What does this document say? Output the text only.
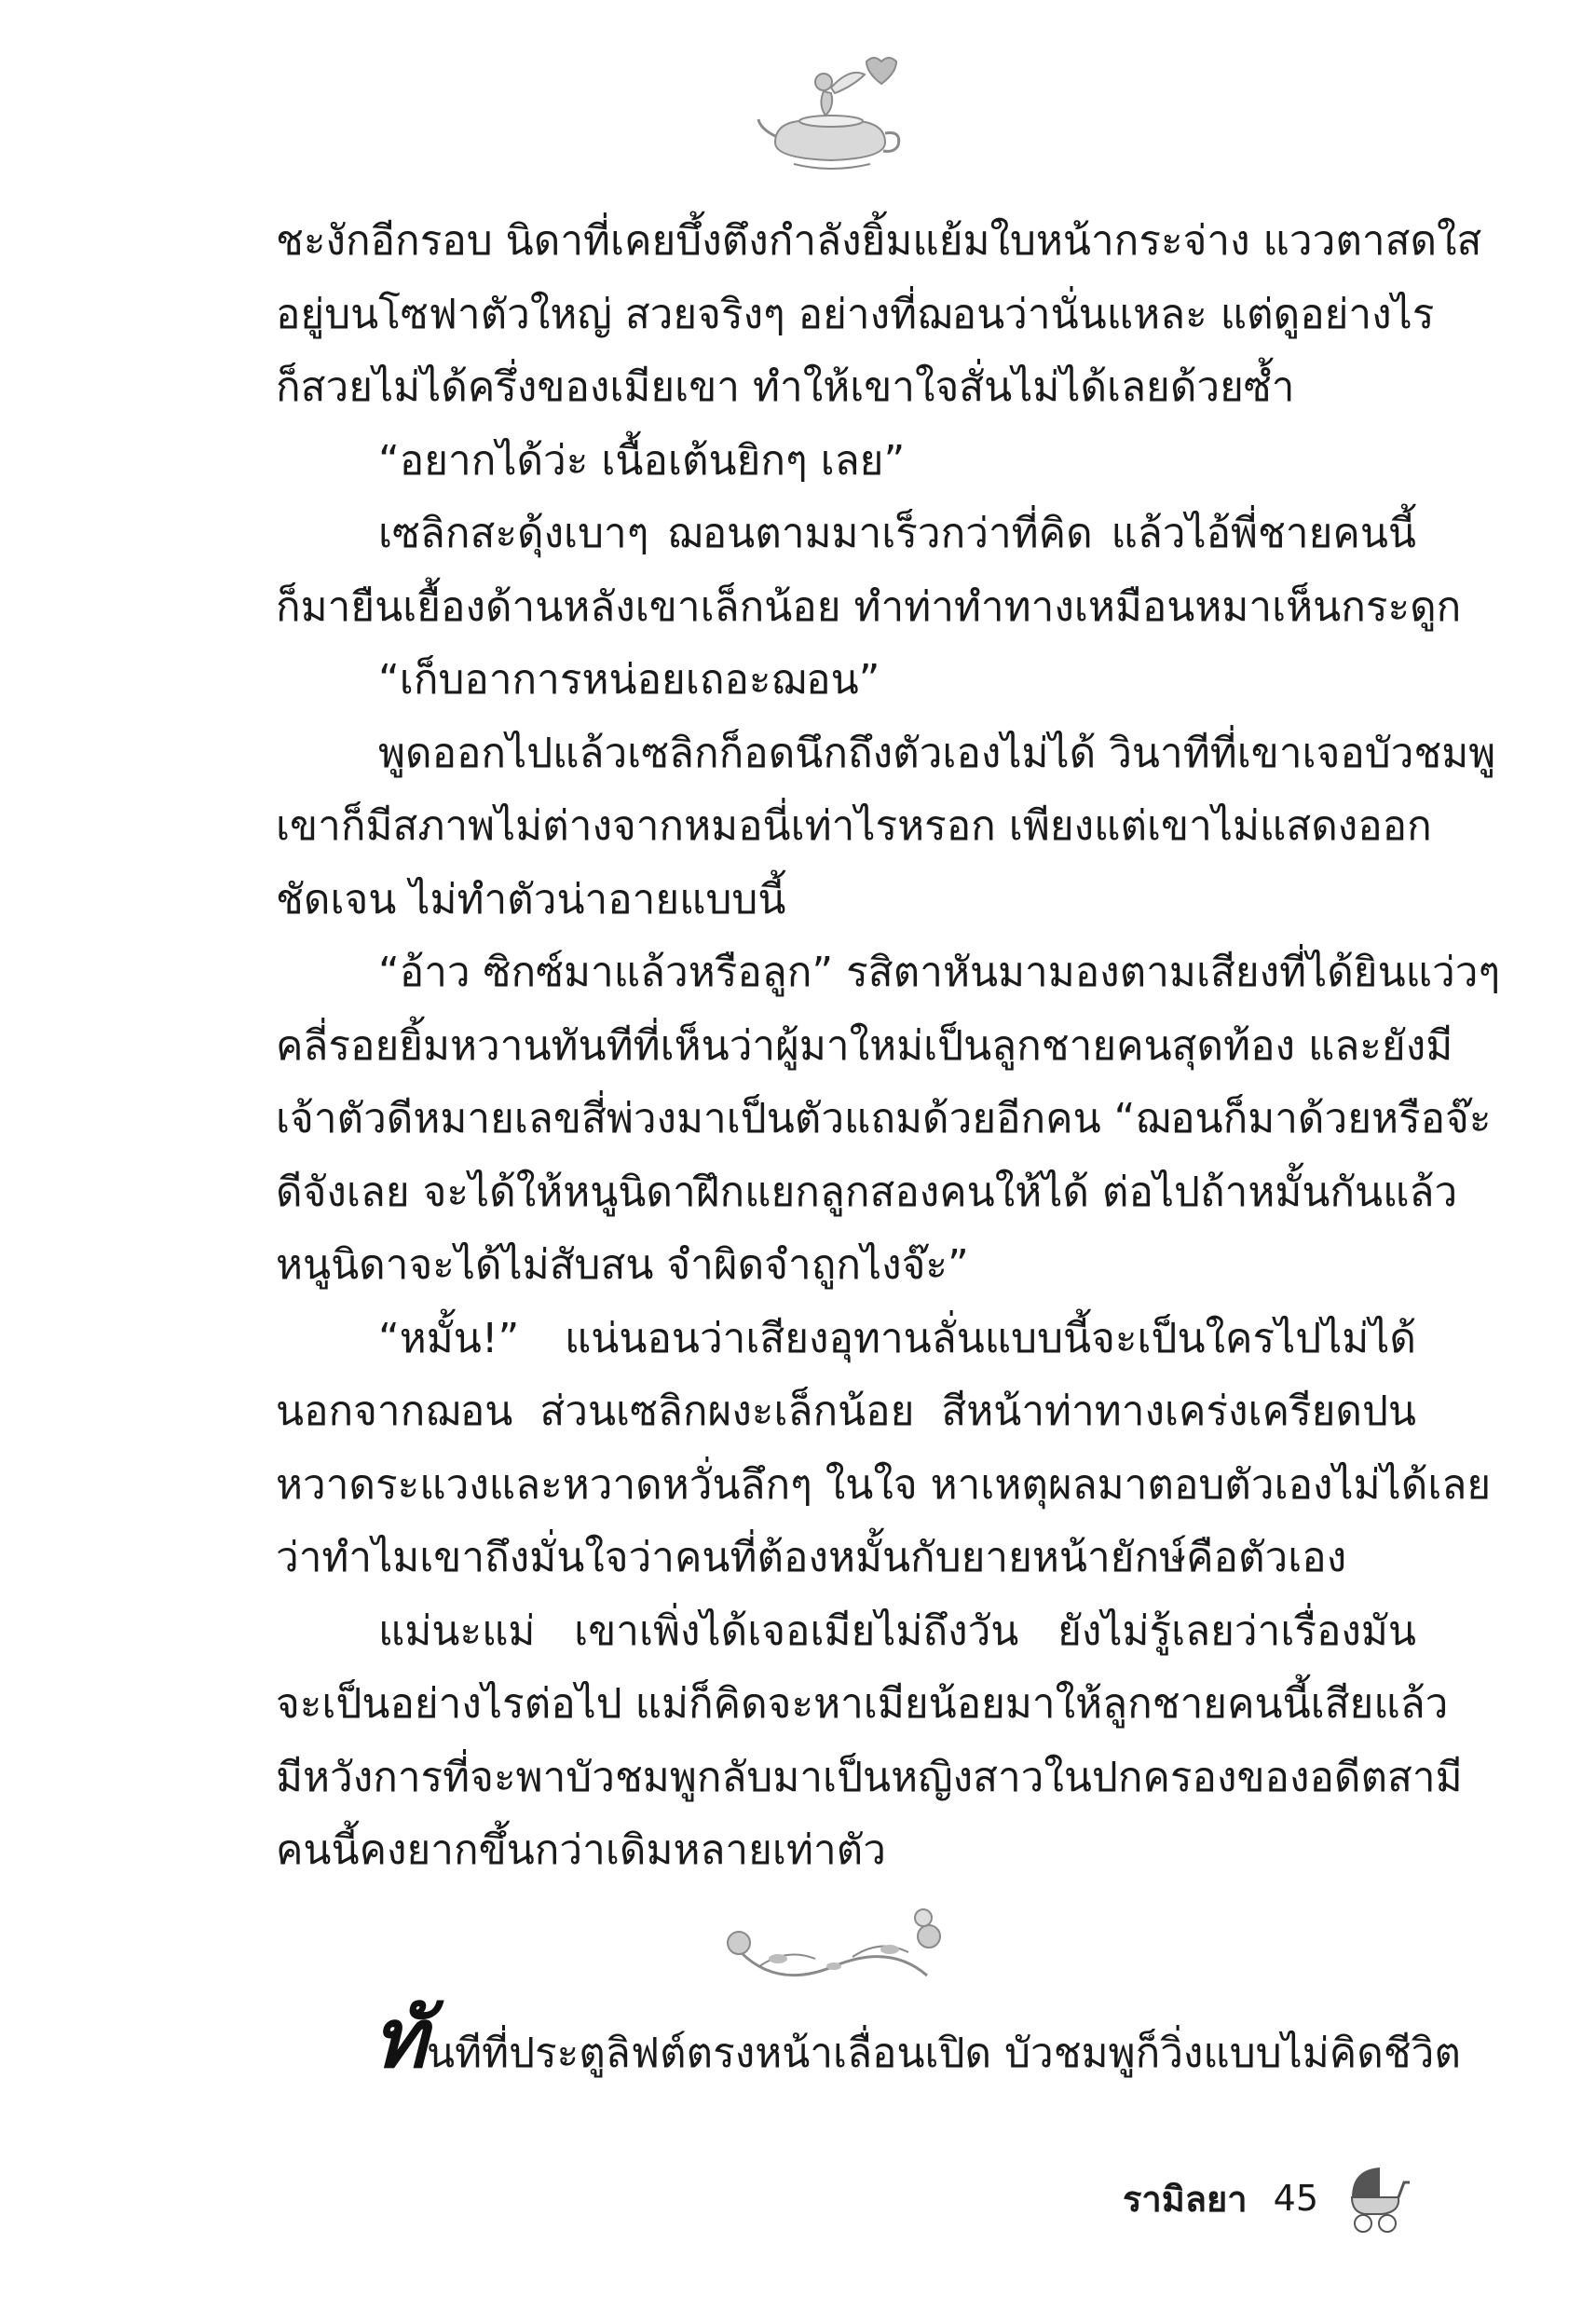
ชะงักอีกรอบ นิดาที่เคยบึ้งตึงกำลังยิ้มแย้มใบหน้ากระจ่าง แววตาสดใส
อยู่บนโซฟาตัวใหญ่ สวยจริงๆ อย่างที่ฌอนว่านั่นแหละ แต่ดูอย่างไร
ก็สวยไม่ได้ครึ่งของเมียเขา ทำให้เขาใจสั่นไม่ได้เลยด้วยซ้ำ
“อยากได้ว่ะ เนื้อเต้นยิกๆ เลย”
เซลิกสะดุ้งเบาๆ ฌอนตามมาเร็วกว่าที่คิด แล้วไอ้พี่ชายคนนี้
ก็มายืนเยื้องด้านหลังเขาเล็กน้อย ทำท่าทำทางเหมือนหมาเห็นกระดูก
“เก็บอาการหน่อยเถอะฌอน”
พูดออกไปแล้วเซลิกก็อดนึกถึงตัวเองไม่ได้ วินาทีที่เขาเจอบัวชมพู
เขาก็มีสภาพไม่ต่างจากหมอนี่เท่าไรหรอก เพียงแต่เขาไม่แสดงออก
ชัดเจน ไม่ทำตัวน่าอายแบบนี้
“อ้าว ซิกซ์มาแล้วหรือลูก” รสิตาหันมามองตามเสียงที่ได้ยินแว่วๆ
คลี่รอยยิ้มหวานทันทีที่เห็นว่าผู้มาใหม่เป็นลูกชายคนสุดท้อง และยังมี
เจ้าตัวดีหมายเลขสี่พ่วงมาเป็นตัวแถมด้วยอีกคน “ฌอนก็มาด้วยหรือจ๊ะ
ดีจังเลย จะได้ให้หนูนิดาฝึกแยกลูกสองคนให้ได้ ต่อไปถ้าหมั้นกันแล้ว
หนูนิดาจะได้ไม่สับสน จำผิดจำถูกไงจ๊ะ”
“หมั้น!” แน่นอนว่าเสียงอุทานลั่นแบบนี้จะเป็นใครไปไม่ได้
นอกจากฌอน ส่วนเซลิกผงะเล็กน้อย สีหน้าท่าทางเคร่งเครียดปน
หวาดระแวงและหวาดหวั่นลึกๆ ในใจ หาเหตุผลมาตอบตัวเองไม่ได้เลย
ว่าทำไมเขาถึงมั่นใจว่าคนที่ต้องหมั้นกับยายหน้ายักษ์คือตัวเอง
แม่นะแม่ เขาเพิ่งได้เจอเมียไม่ถึงวัน ยังไม่รู้เลยว่าเรื่องมัน
จะเป็นอย่างไรต่อไป แม่ก็คิดจะหาเมียน้อยมาให้ลูกชายคนนี้เสียแล้ว
มีหวังการที่จะพาบัวชมพูกลับมาเป็นหญิงสาวในปกครองของอดีตสามี
คนนี้คงยากขึ้นกว่าเดิมหลายเท่าตัว
ทันทีที่ประตูลิฟต์ตรงหน้าเลื่อนเปิด บัวชมพูก็วิ่งแบบไม่คิดชีวิต
รามิลยา 45
